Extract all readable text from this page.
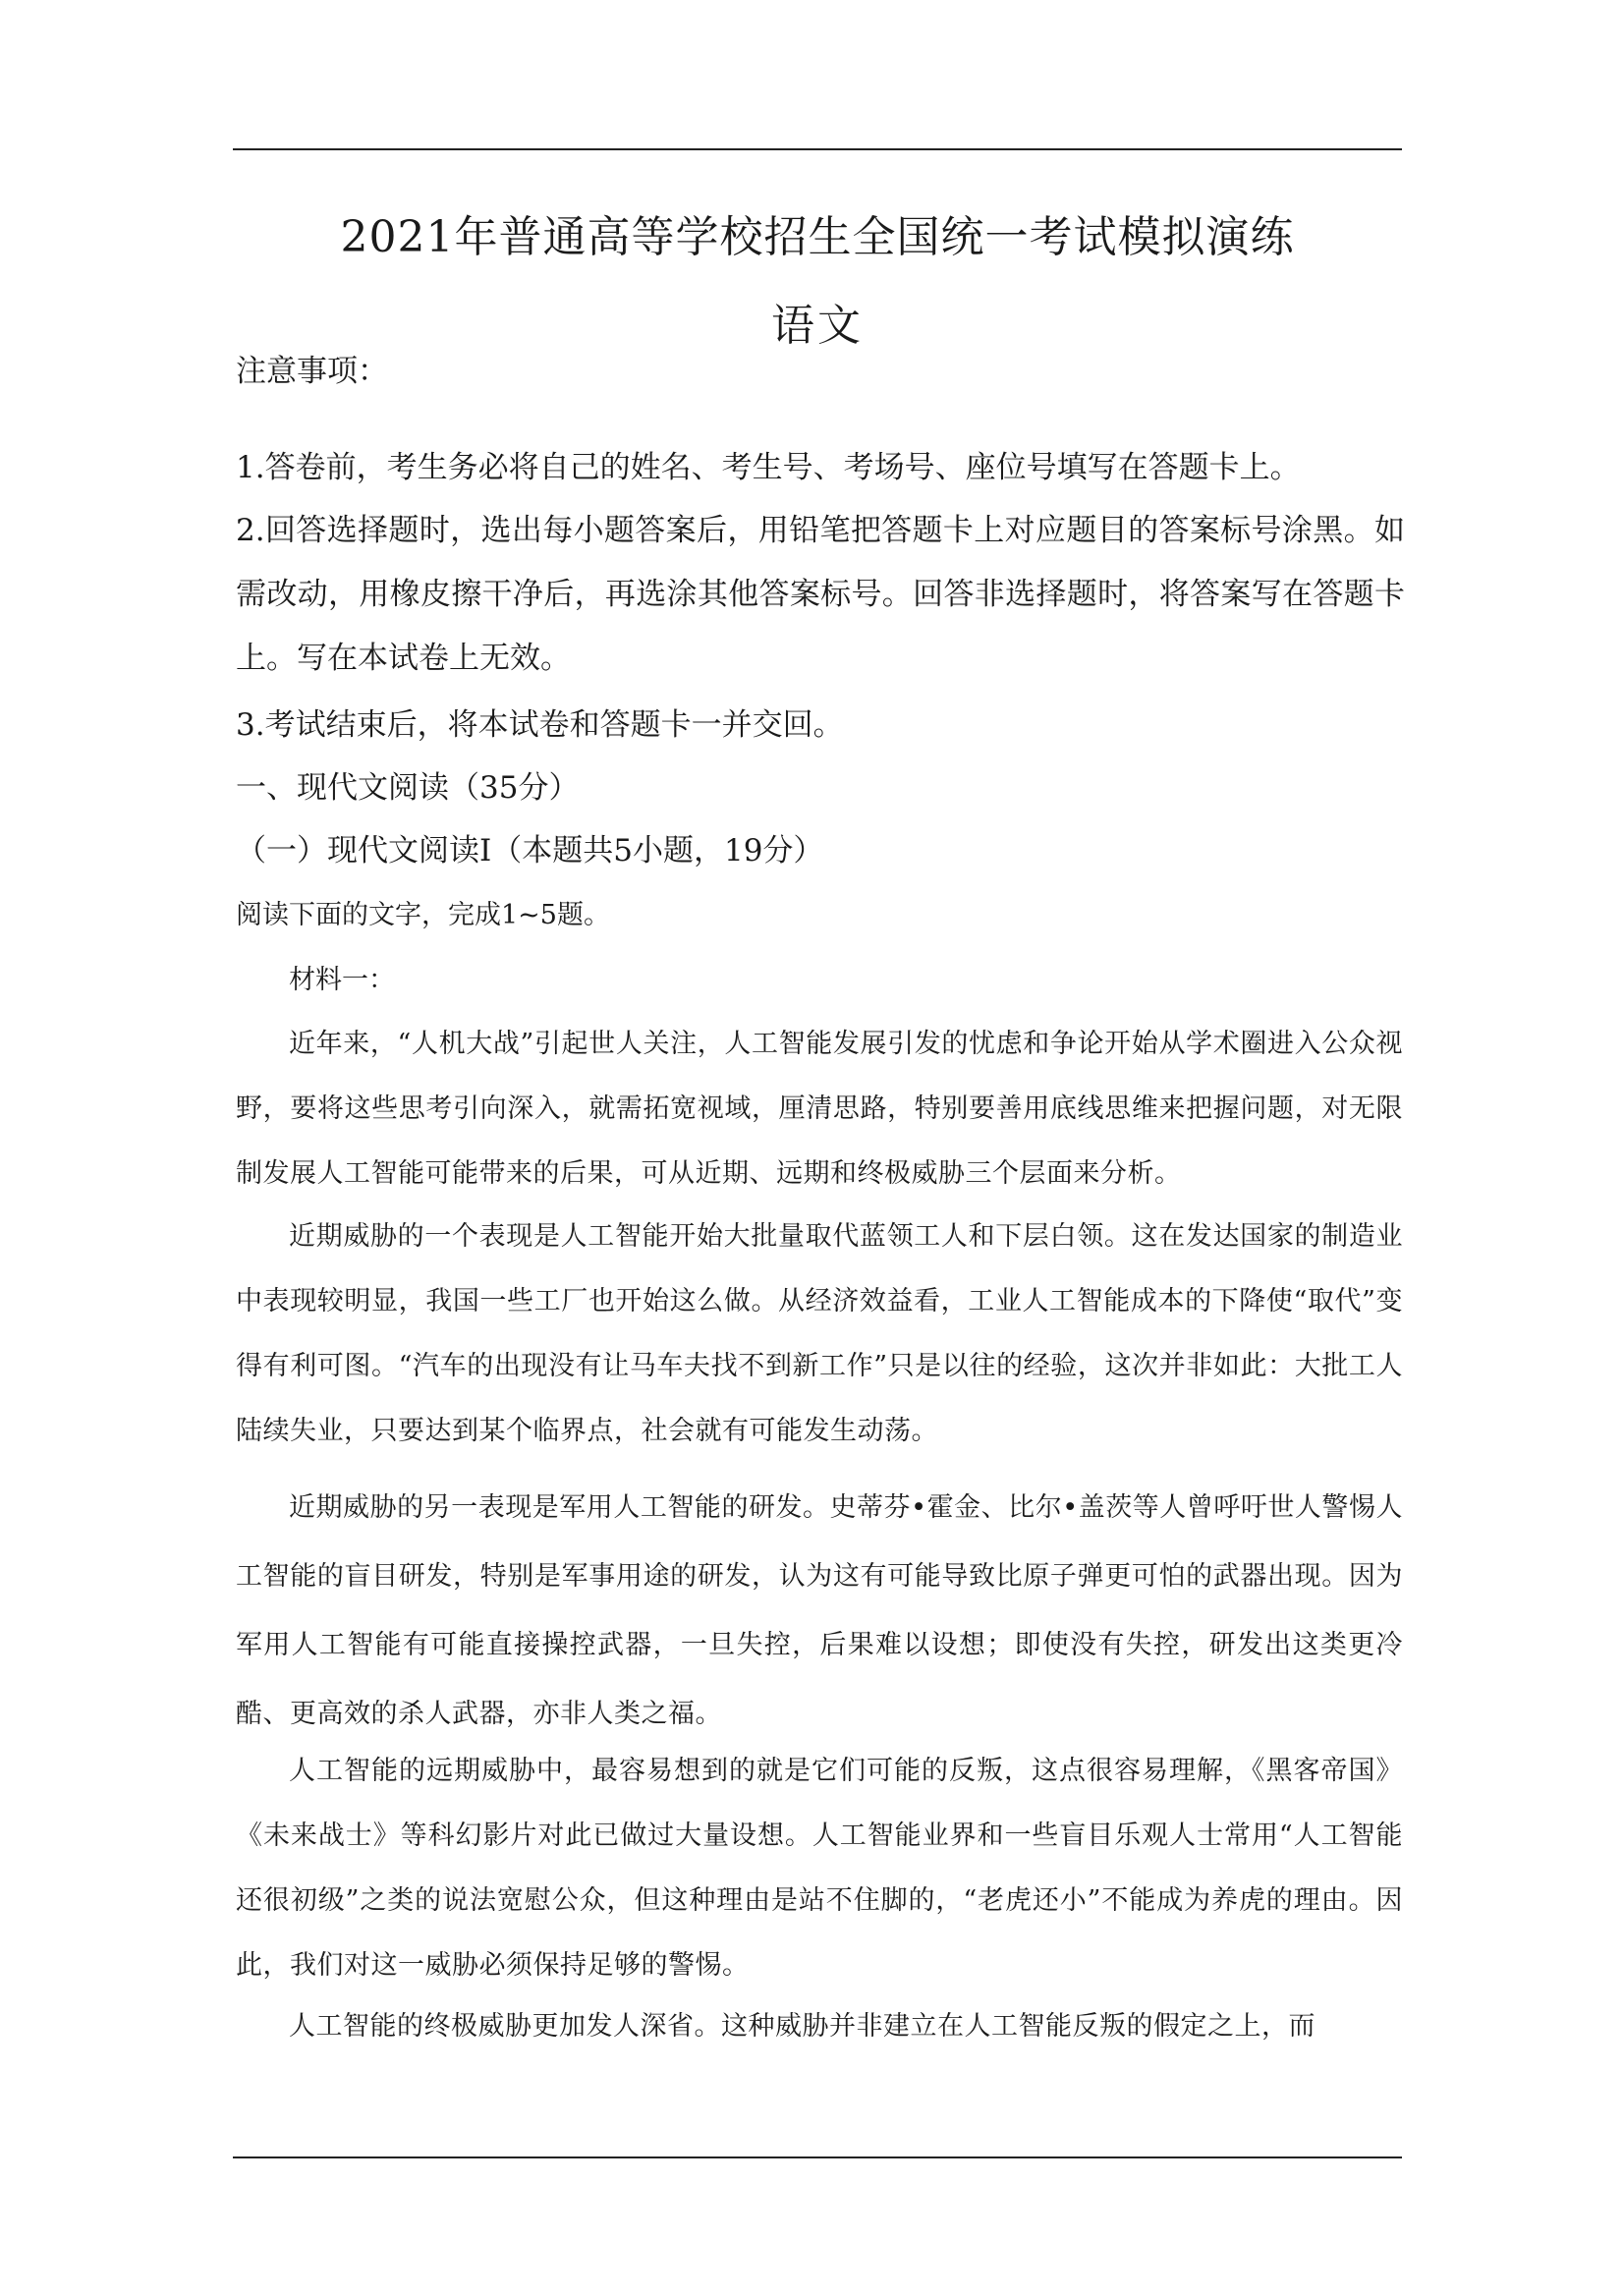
2021年普通高等学校招生全国统一考试模拟演练
语文
注意事项：
1.答卷前，考生务必将自己的姓名、考生号、考场号、座位号填写在答题卡上。
2.回答选择题时，选出每小题答案后，用铅笔把答题卡上对应题目的答案标号涂黑。如需改动，用橡皮擦干净后，再选涂其他答案标号。回答非选择题时，将答案写在答题卡上。写在本试卷上无效。
3.考试结束后，将本试卷和答题卡一并交回。
一、现代文阅读（35分）
（一）现代文阅读Ⅰ（本题共5小题，19分）
阅读下面的文字，完成1~5题。
材料一：
近年来，“人机大战”引起世人关注，人工智能发展引发的忧虑和争论开始从学术圈进入公众视野，要将这些思考引向深入，就需拓宽视域，厘清思路，特别要善用底线思维来把握问题，对无限制发展人工智能可能带来的后果，可从近期、远期和终极威胁三个层面来分析。
近期威胁的一个表现是人工智能开始大批量取代蓝领工人和下层白领。这在发达国家的制造业中表现较明显，我国一些工厂也开始这么做。从经济效益看，工业人工智能成本的下降使“取代”变得有利可图。“汽车的出现没有让马车夫找不到新工作”只是以往的经验，这次并非如此：大批工人陆续失业，只要达到某个临界点，社会就有可能发生动荡。
近期威胁的另一表现是军用人工智能的研发。史蒂芬•霍金、比尔•盖茨等人曾呼吁世人警惕人工智能的盲目研发，特别是军事用途的研发，认为这有可能导致比原子弹更可怕的武器出现。因为军用人工智能有可能直接操控武器，一旦失控，后果难以设想；即使没有失控，研发出这类更冷酷、更高效的杀人武器，亦非人类之福。
人工智能的远期威胁中，最容易想到的就是它们可能的反叛，这点很容易理解，《黑客帝国》《未来战士》等科幻影片对此已做过大量设想。人工智能业界和一些盲目乐观人士常用“人工智能还很初级”之类的说法宽慰公众，但这种理由是站不住脚的，“老虎还小”不能成为养虎的理由。因此，我们对这一威胁必须保持足够的警惕。
人工智能的终极威胁更加发人深省。这种威胁并非建立在人工智能反叛的假定之上，而
